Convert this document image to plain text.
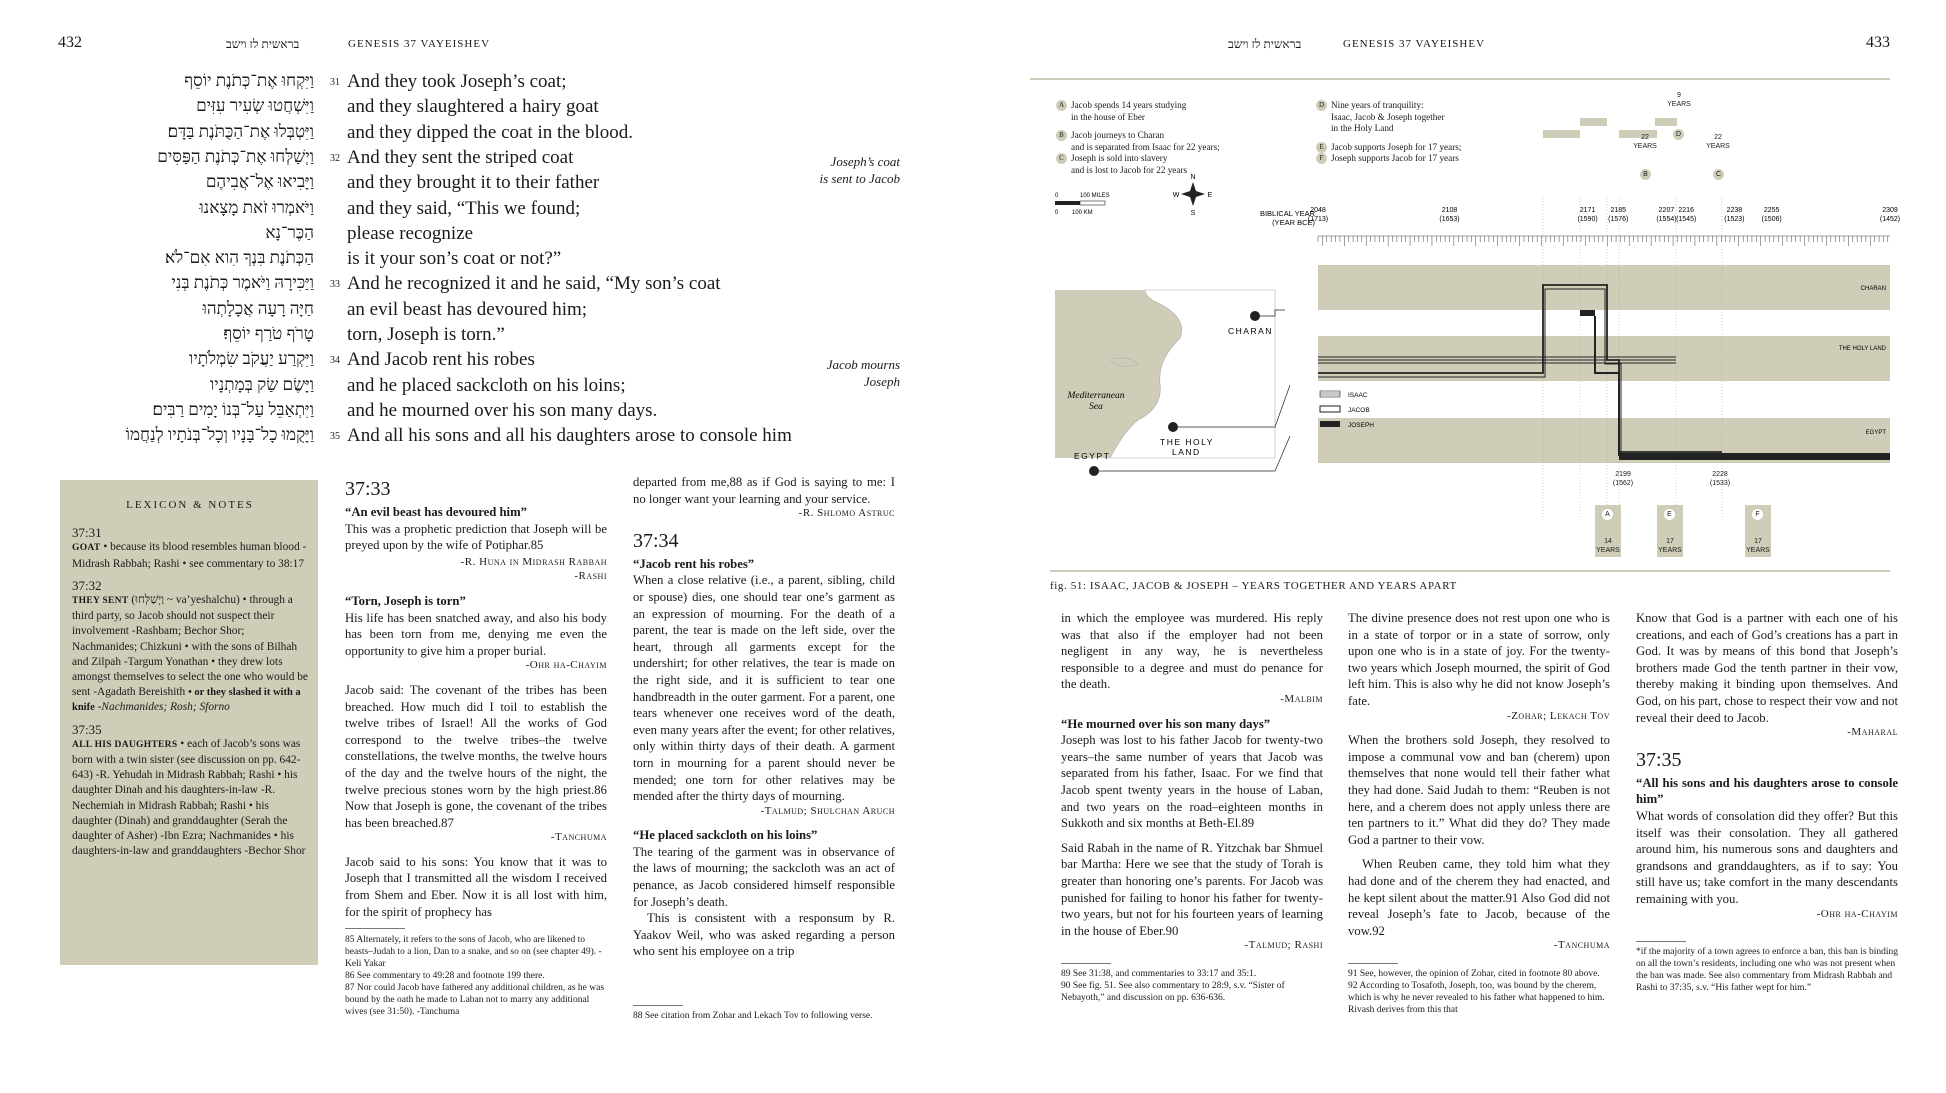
432	בראשית לז וישב	GENESIS 37 VAYEISHEV
וַיִּקְחוּ אֶת־כְּתֹנֶת יוֹסֵף	31 And they took Joseph’s coat;
וַיִּשְׁחֲטוּ שְׂעִיר עִזִּים and they slaughtered a hairy goat
וַיִּטְבְּלוּ אֶת־הַכֻּתֹּנֶת בַּדָּם׃ and they dipped the coat in the blood.
וַיְשַׁלְּחוּ אֶת־כְּתֹנֶת הַפַּסִּים	32 And they sent the striped coat
וַיָּבִיאוּ אֶל־אֲבִיהֶם and they brought it to their father
וַיֹּאמְרוּ זֹאת מָצָאנוּ and they said, “This we found;
הַכֶּר־נָא please recognize
הַכְּתֹנֶת בִּנְךָ הִוא אִם־לֹא׃ is it your son’s coat or not?”
וַיַּכִּירָהּ וַיֹּאמֶר כְּתֹנֶת בְּנִי	33 And he recognized it and he said, “My son’s coat
חַיָּה רָעָה אֲכָלָתְהוּ an evil beast has devoured him;
טָרֹף טֹרַף יוֹסֵף׃ torn, Joseph is torn.”
וַיִּקְרַע יַעֲקֹב שִׂמְלֹתָיו	34 And Jacob rent his robes
וַיָּשֶׂם שַׂק בְּמָתְנָיו and he placed sackcloth on his loins;
וַיִּתְאַבֵּל עַל־בְּנוֹ יָמִים רַבִּים׃ and he mourned over his son many days.
וַיָּקֻמוּ כָל־בָּנָיו וְכָל־בְּנֹתָיו לְנַחֲמוֹ	35 And all his sons and all his daughters arose to console him
Joseph’s coat
is sent to Jacob
Jacob mourns
Joseph
LEXICON & NOTES
37:31
GOAT • because its blood resembles human blood -Midrash Rabbah; Rashi • see commentary to 38:17
37:32
THEY SENT (וַיְשַׁלְּחוּ ~ va’yeshalchu) • through a third party, so Jacob should not suspect their involvement -Rashbam; Bechor Shor; Nachmanides; Chizkuni • with the sons of Bilhah and Zilpah -Targum Yonathan • they drew lots amongst themselves to select the one who would be sent -Agadath Bereishith • or they slashed it with a knife -Nachmanides; Rosh; Sforno
37:35
ALL HIS DAUGHTERS • each of Jacob’s sons was born with a twin sister (see discussion on pp. 642-643) -R. Yehudah in Midrash Rabbah; Rashi • his daughter Dinah and his daughters-in-law -R. Nechemiah in Midrash Rabbah; Rashi • his daughter (Dinah) and granddaughter (Serah the daughter of Asher) -Ibn Ezra; Nachmanides • his daughters-in-law and granddaughters -Bechor Shor
37:33

“An evil beast has devoured him”

This was a prophetic prediction that Joseph will be preyed upon by the wife of Potiphar.85

-R. Huna in Midrash Rabbah
-Rashi

“Torn, Joseph is torn”

His life has been snatched away, and also his body has been torn from me, denying me even the opportunity to give him a proper burial.

-Ohr ha-Chayim

Jacob said: The covenant of the tribes has been breached. How much did I toil to establish the twelve tribes of Israel! All the works of God correspond to the twelve tribes–the twelve constellations, the twelve months, the twelve hours of the day and the twelve hours of the night, the twelve precious stones worn by the high priest.86 Now that Joseph is gone, the covenant of the tribes has been breached.87

-Tanchuma

Jacob said to his sons: You know that it was to Joseph that I transmitted all the wisdom I received from Shem and Eber. Now it is all lost with him, for the spirit of prophecy has

85 Alternately, it refers to the sons of Jacob, who are likened to beasts–Judah to a lion, Dan to a snake, and so on (see chapter 49). -Keli Yakar
86 See commentary to 49:28 and footnote 199 there.
87 Nor could Jacob have fathered any additional children, as he was bound by the oath he made to Laban not to marry any additional wives (see 31:50). -Tanchuma

departed from me,88 as if God is saying to me: I no longer want your learning and your service.

-R. Shlomo Astruc
37:34

“Jacob rent his robes”

When a close relative (i.e., a parent, sibling, child or spouse) dies, one should tear one’s garment as an expression of mourning. For the death of a parent, the tear is made on the left side, over the heart, through all garments except for the undershirt; for other relatives, the tear is made on the right side, and it is sufficient to tear one handbreadth in the outer garment. For a parent, one tears whenever one receives word of the death, even many years after the event; for other relatives, only within thirty days of their death. A garment torn in mourning for a parent should never be mended; one torn for other relatives may be mended after the thirty days of mourning.

-Talmud; Shulchan Aruch

“He placed sackcloth on his loins”

The tearing of the garment was in observance of the laws of mourning; the sackcloth was an act of penance, as Jacob considered himself responsible for Joseph’s death.

This is consistent with a responsum by R. Yaakov Weil, who was asked regarding a person who sent his employee on a trip

88 See citation from Zohar and Lekach Tov to following verse.
בראשית לז וישב	GENESIS 37 VAYEISHEV	433
A Jacob spends 14 years studying
in the house of Eber
B Jacob journeys to Charan
and is separated from Isaac for 22 years;
C Joseph is sold into slavery
and is lost to Jacob for 22 years
D Nine years of tranquility:
Isaac, Jacob & Joseph together
in the Holy Land
E Jacob supports Joseph for 17 years;
F Joseph supports Jacob for 17 years
BIBLICAL YEAR
(YEAR BCE)
CHARAN
THE HOLY
LAND
EGYPT
Mediterranean
Sea
0	100 MILES
0 100 KM
N
S
E
W
CHARAN
THE HOLY LAND
EGYPT
2048
(1713)
2108
(1653)
2171
(1590)
2185
(1576)
2207
(1554)
2216
(1545)
2238
(1523)
2255
(1506)
2309
(1452)
ISAAC
JACOB
JOSEPH
9
YEARS
D
22
YEARS
22
YEARS
B	C
A
14
YEARS
E
17
YEARS
F
17
YEARS
2199
(1562)
2228
(1533)
fig. 51: ISAAC, JACOB & JOSEPH – YEARS TOGETHER AND YEARS APART

in which the employee was murdered. His reply was that also if the employer had not been negligent in any way, he is nevertheless responsible to a degree and must do penance for the death.

-Malbim

“He mourned over his son many days”

Joseph was lost to his father Jacob for twenty-two years–the same number of years that Jacob was separated from his father, Isaac. For we find that Jacob spent twenty years in the house of Laban, and two years on the road–eighteen months in Sukkoth and six months at Beth-El.89

Said Rabah in the name of R. Yitzchak bar Shmuel bar Martha: Here we see that the study of Torah is greater than honoring one’s parents. For Jacob was punished for failing to honor his father for twenty-two years, but not for his fourteen years of learning in the house of Eber.90

-Talmud; Rashi
89 See 31:38, and commentaries to 33:17 and 35:1.
90 See fig. 51. See also commentary to 28:9, s.v. “Sister of Nebayoth,” and discussion on pp. 636-636.

The divine presence does not rest upon one who is in a state of torpor or in a state of sorrow, only upon one who is in a state of joy. For the twenty-two years which Joseph mourned, the spirit of God left him. This is also why he did not know Joseph’s fate.

-Zohar; Lekach Tov

When the brothers sold Joseph, they resolved to impose a communal vow and ban (cherem) upon themselves that none would tell their father what they had done. Said Judah to them: “Reuben is not here, and a cherem does not apply unless there are ten partners to it.” What did they do? They made God a partner to their vow.

When Reuben came, they told him what they had done and of the cherem they had enacted, and he kept silent about the matter.91 Also God did not reveal Joseph’s fate to Jacob, because of the vow.92

-Tanchuma
91 See, however, the opinion of Zohar, cited in footnote 80 above.
92 According to Tosafoth, Joseph, too, was bound by the cherem, which is why he never revealed to his father what happened to him. Rivash derives from this that

Know that God is a partner with each one of his creations, and each of God’s creations has a part in God. It was by means of this bond that Joseph’s brothers made God the tenth partner in their vow, thereby making it binding upon themselves. And God, on his part, chose to respect their vow and not reveal their deed to Jacob.

-Maharal
37:35

“All his sons and his daughters arose to console him”

What words of consolation did they offer? But this itself was their consolation. They all gathered around him, his numerous sons and daughters and grandsons and granddaughters, as if to say: You still have us; take comfort in the many descendants remaining with you.

-Ohr ha-Chayim
*if the majority of a town agrees to enforce a ban, this ban is binding on all the town’s residents, including one who was not present when the ban was made. See also commentary from Midrash Rabbah and Rashi to 37:35, s.v. “His father wept for him.”
